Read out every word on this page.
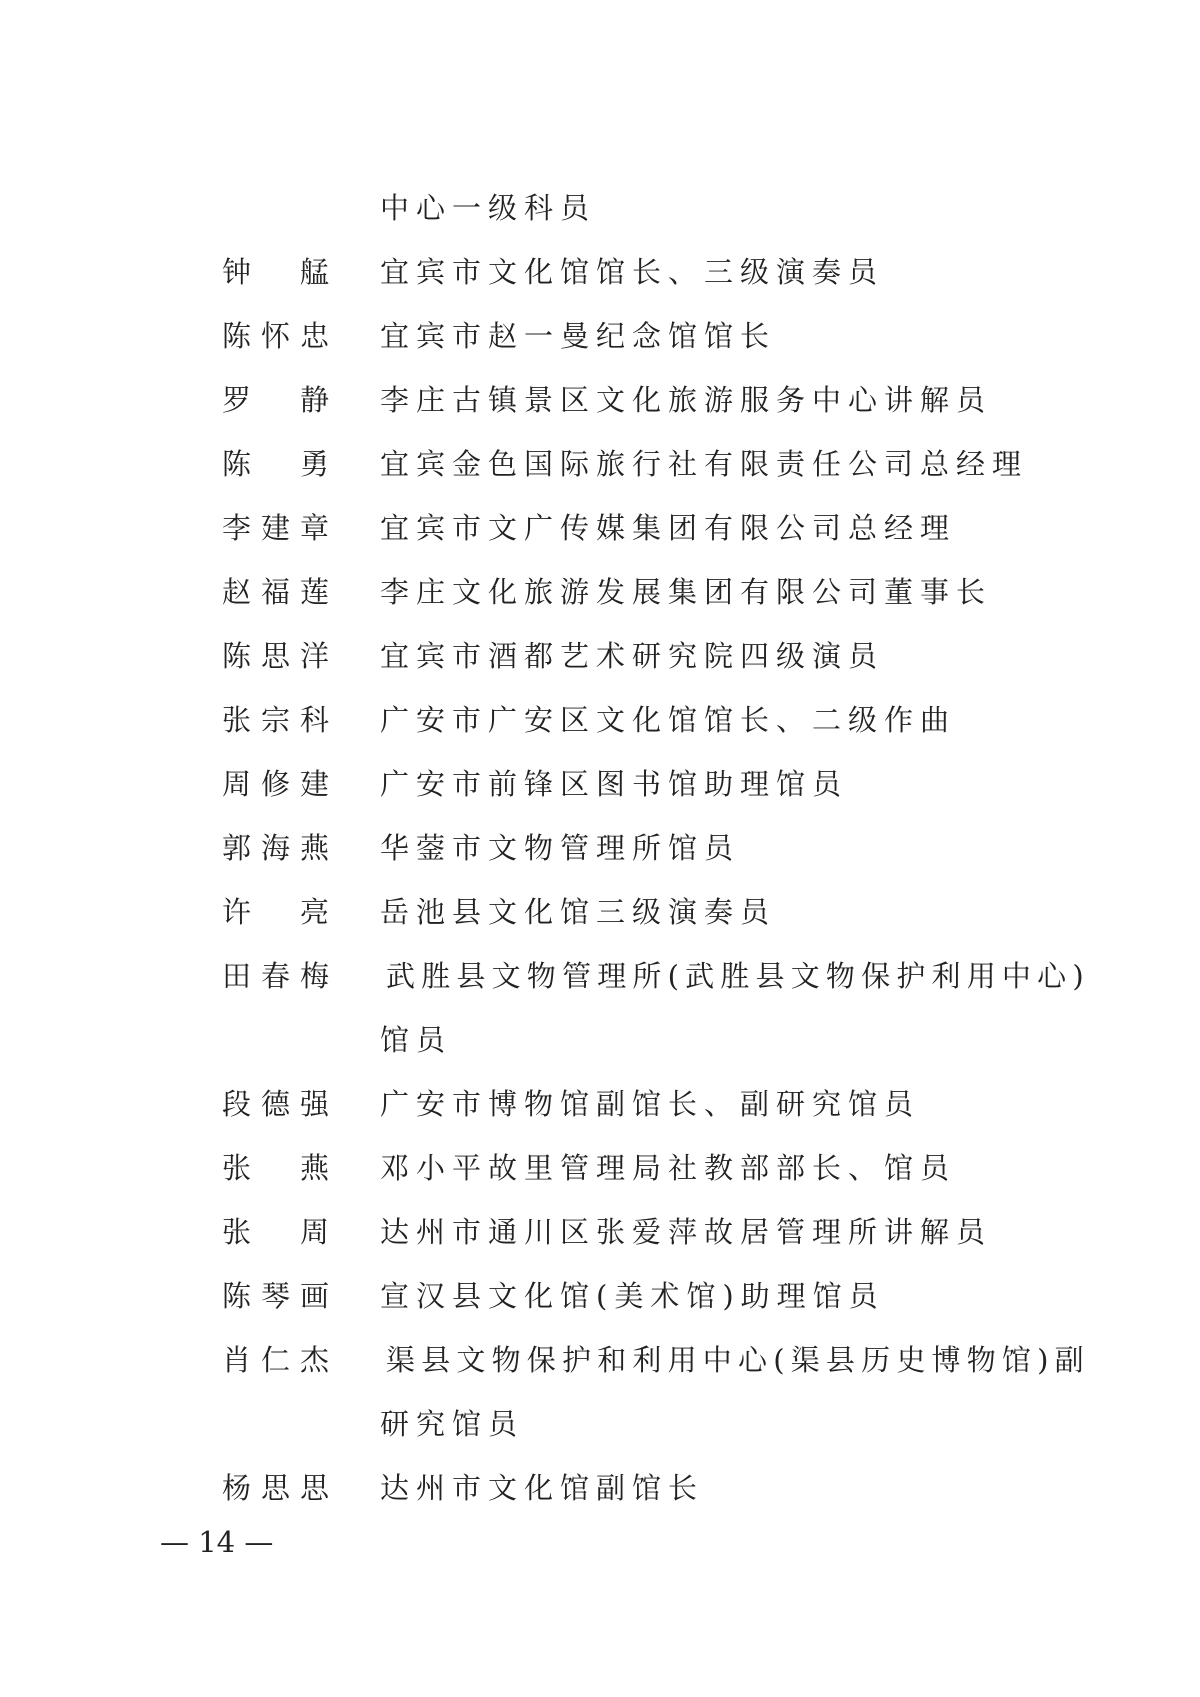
中心一级科员
钟　艋 宜宾市文化馆馆长、三级演奏员
陈怀忠 宜宾市赵一曼纪念馆馆长
罗　静 李庄古镇景区文化旅游服务中心讲解员
陈　勇 宜宾金色国际旅行社有限责任公司总经理
李建章 宜宾市文广传媒集团有限公司总经理
赵福莲 李庄文化旅游发展集团有限公司董事长
陈思洋 宜宾市酒都艺术研究院四级演员
张宗科 广安市广安区文化馆馆长、二级作曲
周修建 广安市前锋区图书馆助理馆员
郭海燕 华蓥市文物管理所馆员
许　亮 岳池县文化馆三级演奏员
田春梅 武胜县文物管理所(武胜县文物保护利用中心)
馆员
段德强 广安市博物馆副馆长、副研究馆员
张　燕 邓小平故里管理局社教部部长、馆员
张　周 达州市通川区张爱萍故居管理所讲解员
陈琴画 宣汉县文化馆(美术馆)助理馆员
肖仁杰 渠县文物保护和利用中心(渠县历史博物馆)副
研究馆员
杨思思 达州市文化馆副馆长
— 14 —
